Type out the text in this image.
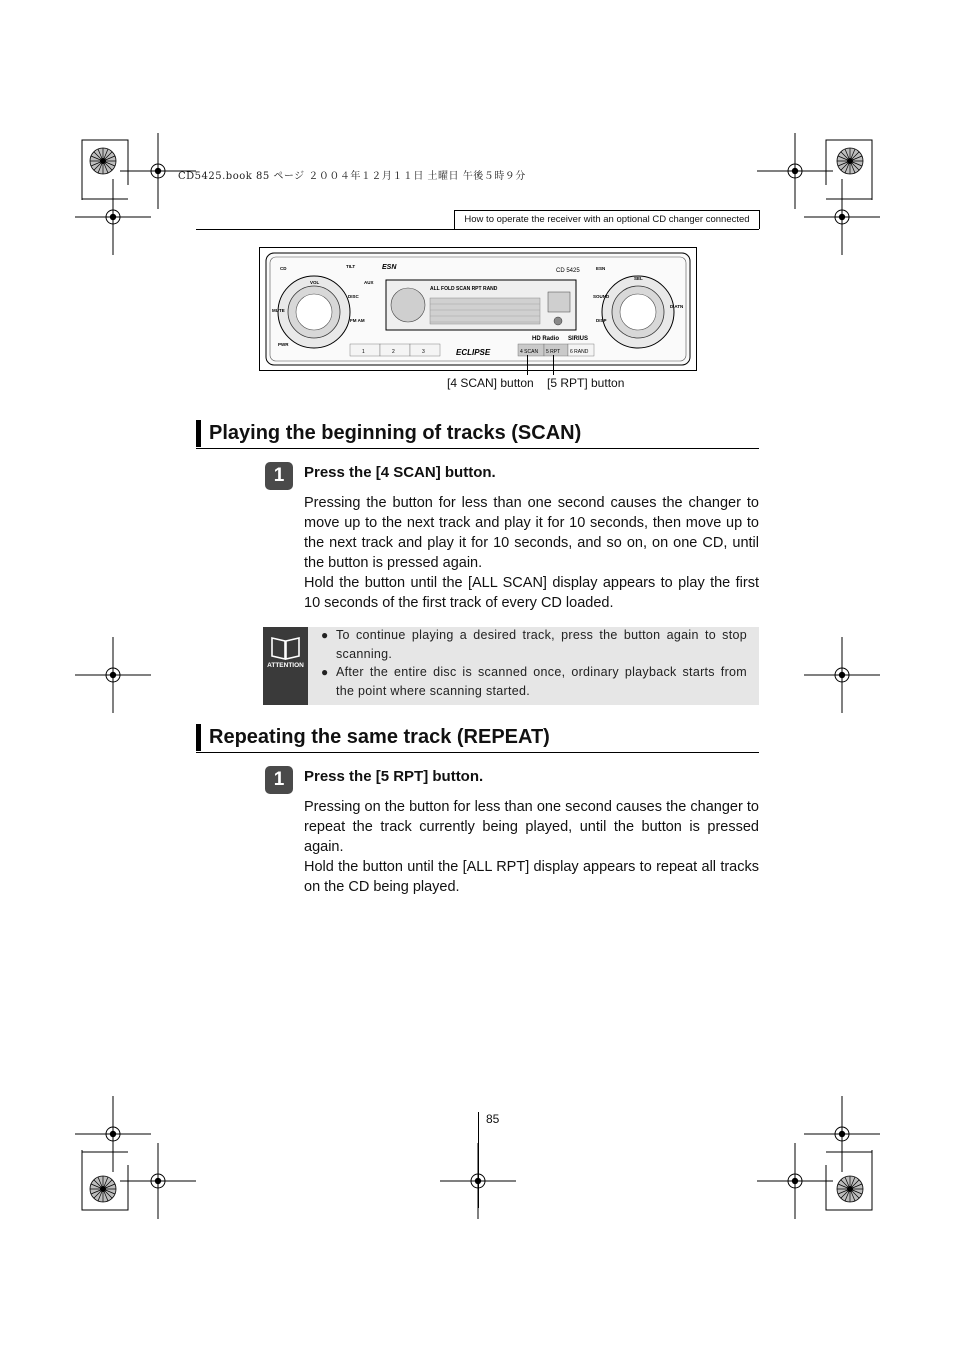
CD5425.book 85 ページ ２００４年１２月１１日 土曜日 午後５時９分
How to operate the receiver with an optional CD changer connected
ALL FOLD SCAN RPT RAND
CD 5425
ESN
ECLIPSE
HD Radio SIRIUS
CD
VOL
MUTE
PWR
DISC
FM AM
AUX
TILT	ESN
SEL
SOUND
DISP
D ATN
1	2	3	4 SCAN 5 RPT 6 RAND
[4 SCAN] button [5 RPT] button
Playing the beginning of tracks (SCAN)
1	Press the [4 SCAN] button.

Pressing the button for less than one second causes the changer to move up to the next track and play it for 10 seconds, then move up to the next track and play it for 10 seconds, and so on, on one CD, until the button is pressed again.

Hold the button until the [ALL SCAN] display appears to play the first 10 seconds of the first track of every CD loaded.

ATTENTION
● To continue playing a desired track, press the button again to stop scanning.
● After the entire disc is scanned once, ordinary playback starts from the point where scanning started.
Repeating the same track (REPEAT)
1	Press the [5 RPT] button.

Pressing on the button for less than one second causes the changer to repeat the track currently being played, until the button is pressed again.

Hold the button until the [ALL RPT] display appears to repeat all tracks on the CD being played.

85
